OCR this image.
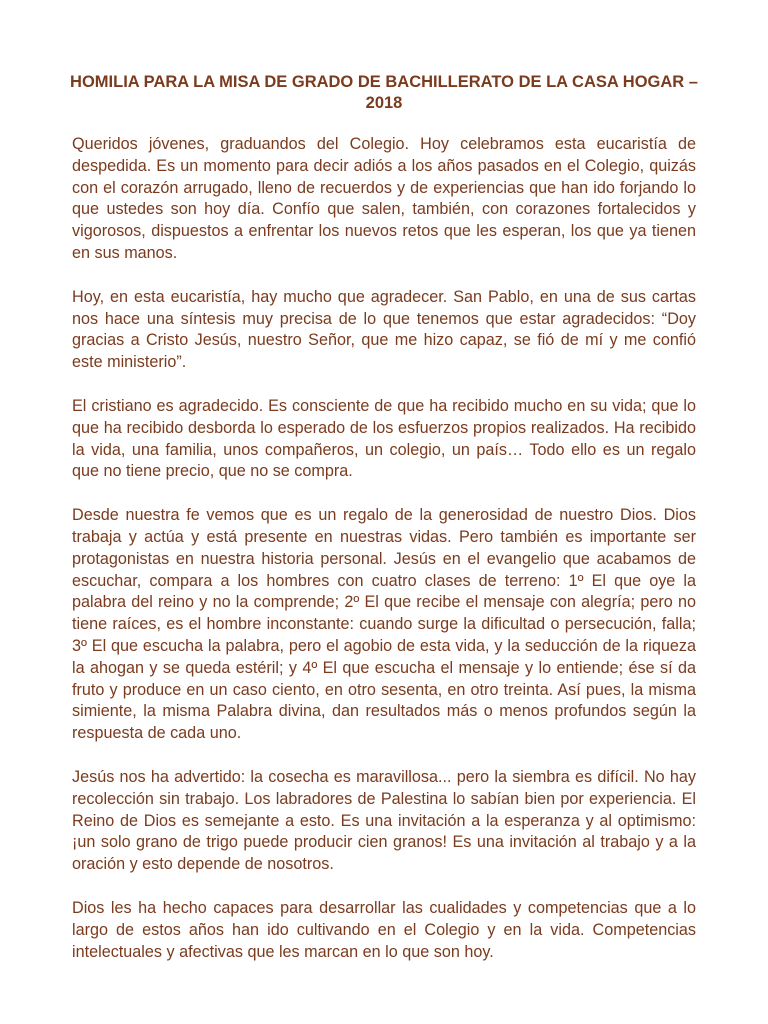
HOMILIA PARA LA MISA DE GRADO DE BACHILLERATO DE LA CASA HOGAR – 2018

Queridos jóvenes, graduandos del Colegio. Hoy celebramos esta eucaristía de despedida. Es un momento para decir adiós a los años pasados en el Colegio, quizás con el corazón arrugado, lleno de recuerdos y de experiencias que han ido forjando lo que ustedes son hoy día. Confío que salen, también, con corazones fortalecidos y vigorosos, dispuestos a enfrentar los nuevos retos que les esperan, los que ya tienen en sus manos.

Hoy, en esta eucaristía, hay mucho que agradecer. San Pablo, en una de sus cartas nos hace una síntesis muy precisa de lo que tenemos que estar agradecidos: “Doy gracias a Cristo Jesús, nuestro Señor, que me hizo capaz, se fió de mí y me confió este ministerio”.

El cristiano es agradecido. Es consciente de que ha recibido mucho en su vida; que lo que ha recibido desborda lo esperado de los esfuerzos propios realizados. Ha recibido la vida, una familia, unos compañeros, un colegio, un país… Todo ello es un regalo que no tiene precio, que no se compra.

Desde nuestra fe vemos que es un regalo de la generosidad de nuestro Dios. Dios trabaja y actúa y está presente en nuestras vidas. Pero también es importante ser protagonistas en nuestra historia personal. Jesús en el evangelio que acabamos de escuchar, compara a los hombres con cuatro clases de terreno: 1º El que oye la palabra del reino y no la comprende; 2º El que recibe el mensaje con alegría; pero no tiene raíces, es el hombre inconstante: cuando surge la dificultad o persecución, falla; 3º El que escucha la palabra, pero el agobio de esta vida, y la seducción de la riqueza la ahogan y se queda estéril; y 4º El que escucha el mensaje y lo entiende; ése sí da fruto y produce en un caso ciento, en otro sesenta, en otro treinta. Así pues, la misma simiente, la misma Palabra divina, dan resultados más o menos profundos según la respuesta de cada uno.

Jesús nos ha advertido: la cosecha es maravillosa... pero la siembra es difícil. No hay recolección sin trabajo. Los labradores de Palestina lo sabían bien por experiencia. El Reino de Dios es semejante a esto. Es una invitación a la esperanza y al optimismo: ¡un solo grano de trigo puede producir cien granos! Es una invitación al trabajo y a la oración y esto depende de nosotros.

Dios les ha hecho capaces para desarrollar las cualidades y competencias que a lo largo de estos años han ido cultivando en el Colegio y en la vida. Competencias intelectuales y afectivas que les marcan en lo que son hoy.
